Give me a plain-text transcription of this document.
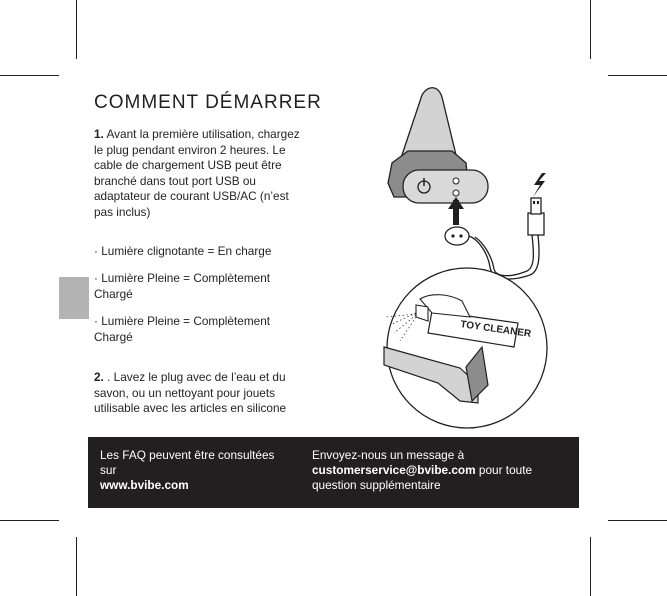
COMMENT DÉMARRER

1. Avant la première utilisation, chargez le plug pendant environ 2 heures. Le cable de chargement USB peut être branché dans tout port USB ou adaptateur de courant USB/AC (n’est pas inclus)

· Lumière clignotante = En charge

· Lumière Pleine = Complètement Chargé

· Lumière Pleine = Complètement Chargé

2. . Lavez le plug avec de l’eau et du savon, ou un nettoyant pour jouets utilisable avec les articles en silicone

TOY CLEANER
Les FAQ peuvent être consultées sur
www.bvibe.com
Envoyez-nous un message à
customerservice@bvibe.com pour toute question supplémentaire
